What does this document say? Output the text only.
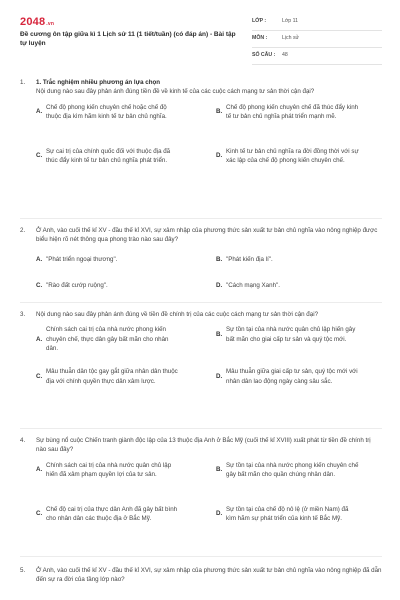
2048.vn
Đề cương ôn tập giữa kì 1 Lịch sử 11 (1 tiết/tuần) (có đáp án) - Bài tập tự luyện
LỚP :	Lớp 11
MÔN :	Lịch sử
SỐ CÂU :	48
1.	1. Trắc nghiệm nhiều phương án lựa chọn
Nội dung nào sau đây phản ánh đúng tiền đề về kinh tế của các cuộc cách mạng tư sản thời cận đại?
A.
Chế độ phong kiến chuyên chế hoặc chế độ thuộc địa kìm hãm kinh tế tư bản chủ nghĩa.
B.
Chế độ phong kiến chuyên chế đã thúc đẩy kinh tế tư bản chủ nghĩa phát triển mạnh mẽ.
C.
Sự cai trị của chính quốc đối với thuộc địa đã thúc đẩy kinh tế tư bản chủ nghĩa phát triển.
D.
Kinh tế tư bản chủ nghĩa ra đời đồng thời với sự xác lập của chế độ phong kiến chuyên chế.
2.	Ở Anh, vào cuối thế kỉ XV - đầu thế kỉ XVI, sự xâm nhập của phương thức sản xuất tư bản chủ nghĩa vào nông nghiệp được biểu hiện rõ nét thông qua phong trào nào sau đây?
A. "Phát triển ngoại thương".	B. "Phát kiến địa lí".
C. "Rào đất cướp ruộng".	D. "Cách mạng Xanh".
3.	Nội dung nào sau đây phản ánh đúng về tiền đề chính trị của các cuộc cách mạng tư sản thời cận đại?
A.
Chính sách cai trị của nhà nước phong kiến chuyên chế, thực dân gây bất mãn cho nhân dân.
B.
Sự tồn tại của nhà nước quân chủ lập hiến gây bất mãn cho giai cấp tư sản và quý tộc mới.
C.
Mâu thuẫn dân tộc gay gắt giữa nhân dân thuộc địa với chính quyền thực dân xâm lược.
D.
Mâu thuẫn giữa giai cấp tư sản, quý tộc mới với nhân dân lao động ngày càng sâu sắc.
4.	Sự bùng nổ cuộc Chiến tranh giành độc lập của 13 thuộc địa Anh ở Bắc Mỹ (cuối thế kỉ XVIII) xuất phát từ tiền đề chính trị nào sau đây?
A.
Chính sách cai trị của nhà nước quân chủ lập hiến đã xâm phạm quyền lợi của tư sản.
B.
Sự tồn tại của nhà nước phong kiến chuyên chế gây bất mãn cho quần chúng nhân dân.
C.
Chế độ cai trị của thực dân Anh đã gây bất bình cho nhân dân các thuộc địa ở Bắc Mỹ.
D.
Sự tồn tại của chế độ nô lệ (ở miền Nam) đã kìm hãm sự phát triển của kinh tế Bắc Mỹ.
5.	Ở Anh, vào cuối thế kỉ XV - đầu thế kỉ XVI, sự xâm nhập của phương thức sản xuất tư bản chủ nghĩa vào nông nghiệp đã dẫn đến sự ra đời của tầng lớp nào?
